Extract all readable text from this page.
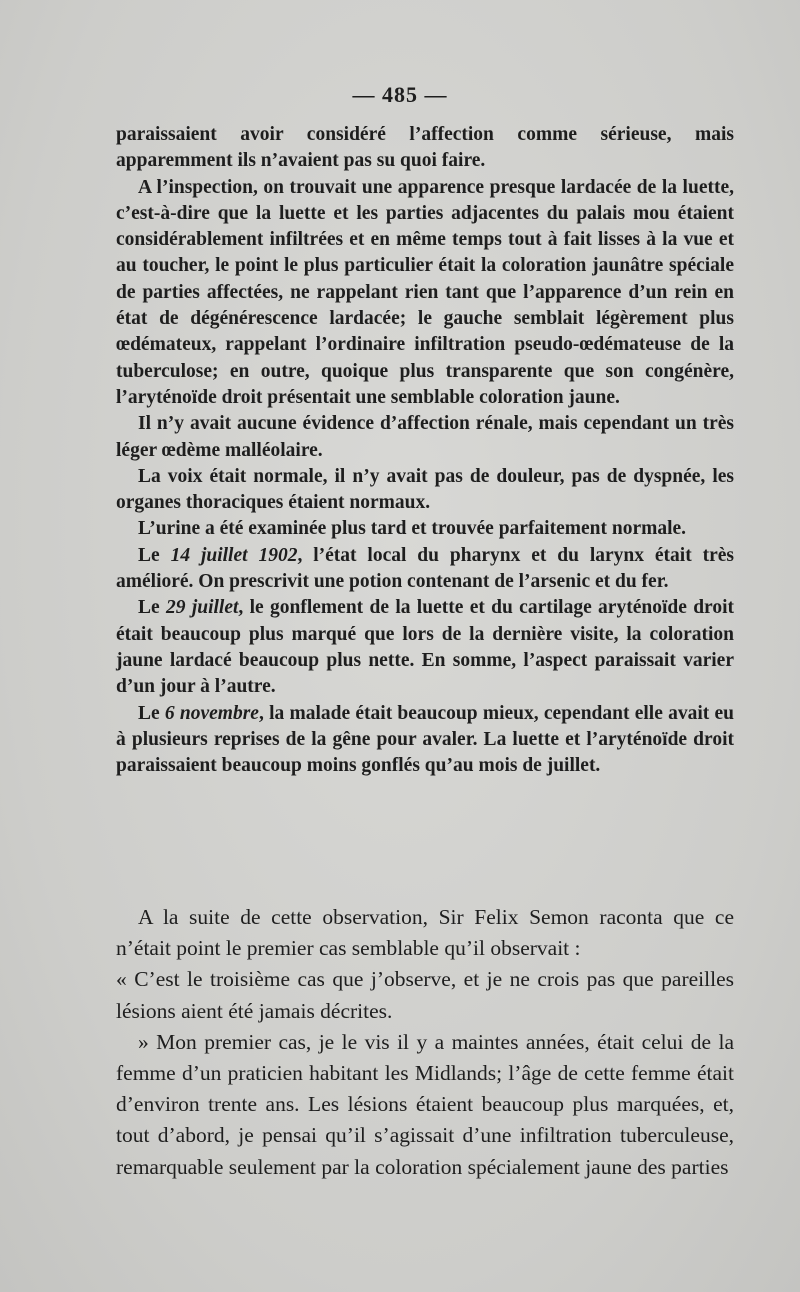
— 485 —

paraissaient avoir considéré l’affection comme sérieuse, mais apparemment ils n’avaient pas su quoi faire.

A l’inspection, on trouvait une apparence presque lardacée de la luette, c’est-à-dire que la luette et les parties adjacentes du palais mou étaient considérablement infiltrées et en même temps tout à fait lisses à la vue et au toucher, le point le plus particulier était la coloration jaunâtre spéciale de parties affectées, ne rappelant rien tant que l’apparence d’un rein en état de dégénérescence lardacée; le gauche semblait légèrement plus œdémateux, rappelant l’ordinaire infiltration pseudo-œdémateuse de la tuberculose; en outre, quoique plus transparente que son congénère, l’aryténoïde droit présentait une semblable coloration jaune.

Il n’y avait aucune évidence d’affection rénale, mais cependant un très léger œdème malléolaire.

La voix était normale, il n’y avait pas de douleur, pas de dyspnée, les organes thoraciques étaient normaux.

L’urine a été examinée plus tard et trouvée parfaitement normale.

Le 14 juillet 1902, l’état local du pharynx et du larynx était très amélioré. On prescrivit une potion contenant de l’arsenic et du fer.

Le 29 juillet, le gonflement de la luette et du cartilage aryténoïde droit était beaucoup plus marqué que lors de la dernière visite, la coloration jaune lardacé beaucoup plus nette. En somme, l’aspect paraissait varier d’un jour à l’autre.

Le 6 novembre, la malade était beaucoup mieux, cependant elle avait eu à plusieurs reprises de la gêne pour avaler. La luette et l’aryténoïde droit paraissaient beaucoup moins gonflés qu’au mois de juillet.

A la suite de cette observation, Sir Felix Semon raconta que ce n’était point le premier cas semblable qu’il observait :

« C’est le troisième cas que j’observe, et je ne crois pas que pareilles lésions aient été jamais décrites.

» Mon premier cas, je le vis il y a maintes années, était celui de la femme d’un praticien habitant les Midlands; l’âge de cette femme était d’environ trente ans. Les lésions étaient beaucoup plus marquées, et, tout d’abord, je pensai qu’il s’agissait d’une infiltration tuberculeuse, remarquable seulement par la coloration spécialement jaune des parties
